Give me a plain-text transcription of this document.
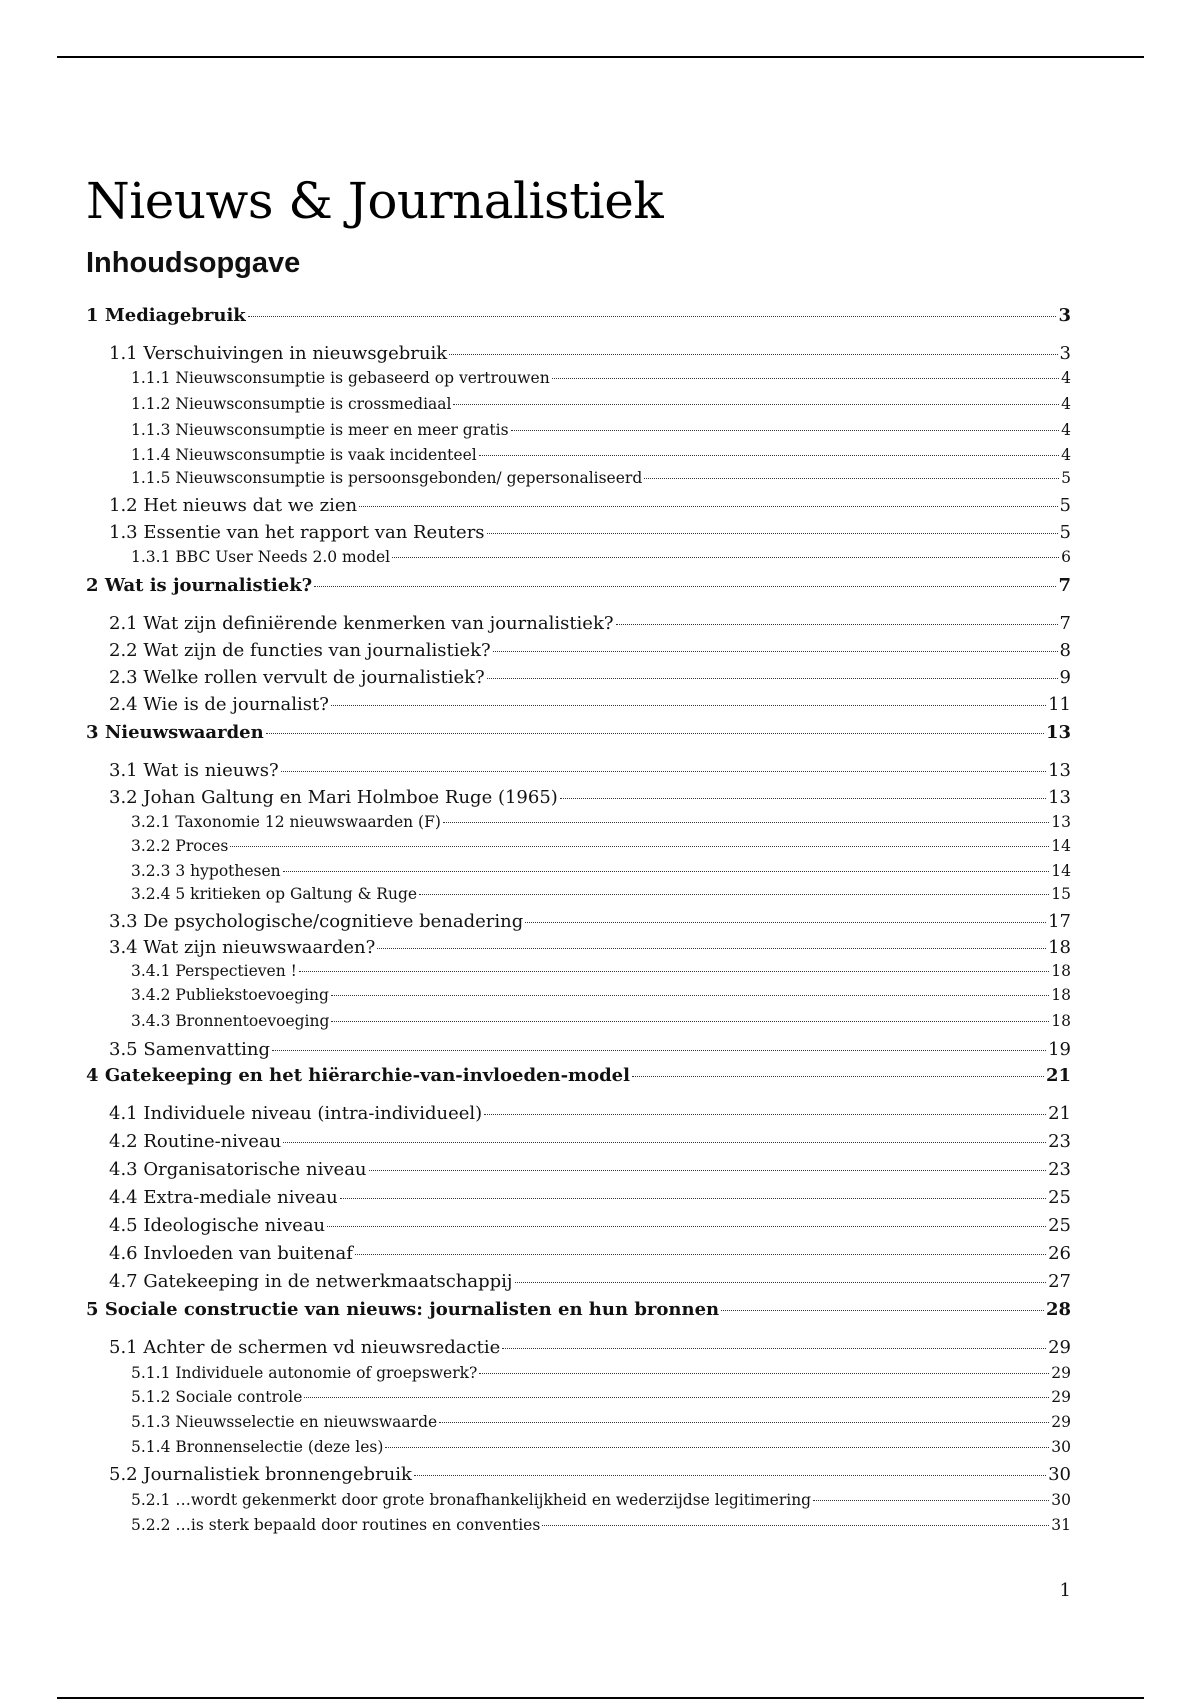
Nieuws & Journalistiek
Inhoudsopgave
1 Mediagebruik	3
1.1 Verschuivingen in nieuwsgebruik	3
1.1.1 Nieuwsconsumptie is gebaseerd op vertrouwen	4
1.1.2 Nieuwsconsumptie is crossmediaal	4
1.1.3 Nieuwsconsumptie is meer en meer gratis	4
1.1.4 Nieuwsconsumptie is vaak incidenteel	4
1.1.5 Nieuwsconsumptie is persoonsgebonden/ gepersonaliseerd	5
1.2 Het nieuws dat we zien	5
1.3 Essentie van het rapport van Reuters	5
1.3.1 BBC User Needs 2.0 model	6
2 Wat is journalistiek?	7
2.1 Wat zijn definiërende kenmerken van journalistiek?	7
2.2 Wat zijn de functies van journalistiek?	8
2.3 Welke rollen vervult de journalistiek?	9
2.4 Wie is de journalist?	11
3 Nieuwswaarden	13
3.1 Wat is nieuws?	13
3.2 Johan Galtung en Mari Holmboe Ruge (1965)	13
3.2.1 Taxonomie 12 nieuwswaarden (F)	13
3.2.2 Proces	14
3.2.3 3 hypothesen	14
3.2.4 5 kritieken op Galtung & Ruge	15
3.3 De psychologische/cognitieve benadering	17
3.4 Wat zijn nieuwswaarden?	18
3.4.1 Perspectieven !	18
3.4.2 Publiekstoevoeging	18
3.4.3 Bronnentoevoeging	18
3.5 Samenvatting	19
4 Gatekeeping en het hiërarchie-van-invloeden-model	21
4.1 Individuele niveau (intra-individueel)	21
4.2 Routine-niveau	23
4.3 Organisatorische niveau	23
4.4 Extra-mediale niveau	25
4.5 Ideologische niveau	25
4.6 Invloeden van buitenaf	26
4.7 Gatekeeping in de netwerkmaatschappij	27
5 Sociale constructie van nieuws: journalisten en hun bronnen	28
5.1 Achter de schermen vd nieuwsredactie	29
5.1.1 Individuele autonomie of groepswerk?	29
5.1.2 Sociale controle	29
5.1.3 Nieuwsselectie en nieuwswaarde	29
5.1.4 Bronnenselectie (deze les)	30
5.2 Journalistiek bronnengebruik	30
5.2.1 …wordt gekenmerkt door grote bronafhankelijkheid en wederzijdse legitimering	30
5.2.2 …is sterk bepaald door routines en conventies	31
1
